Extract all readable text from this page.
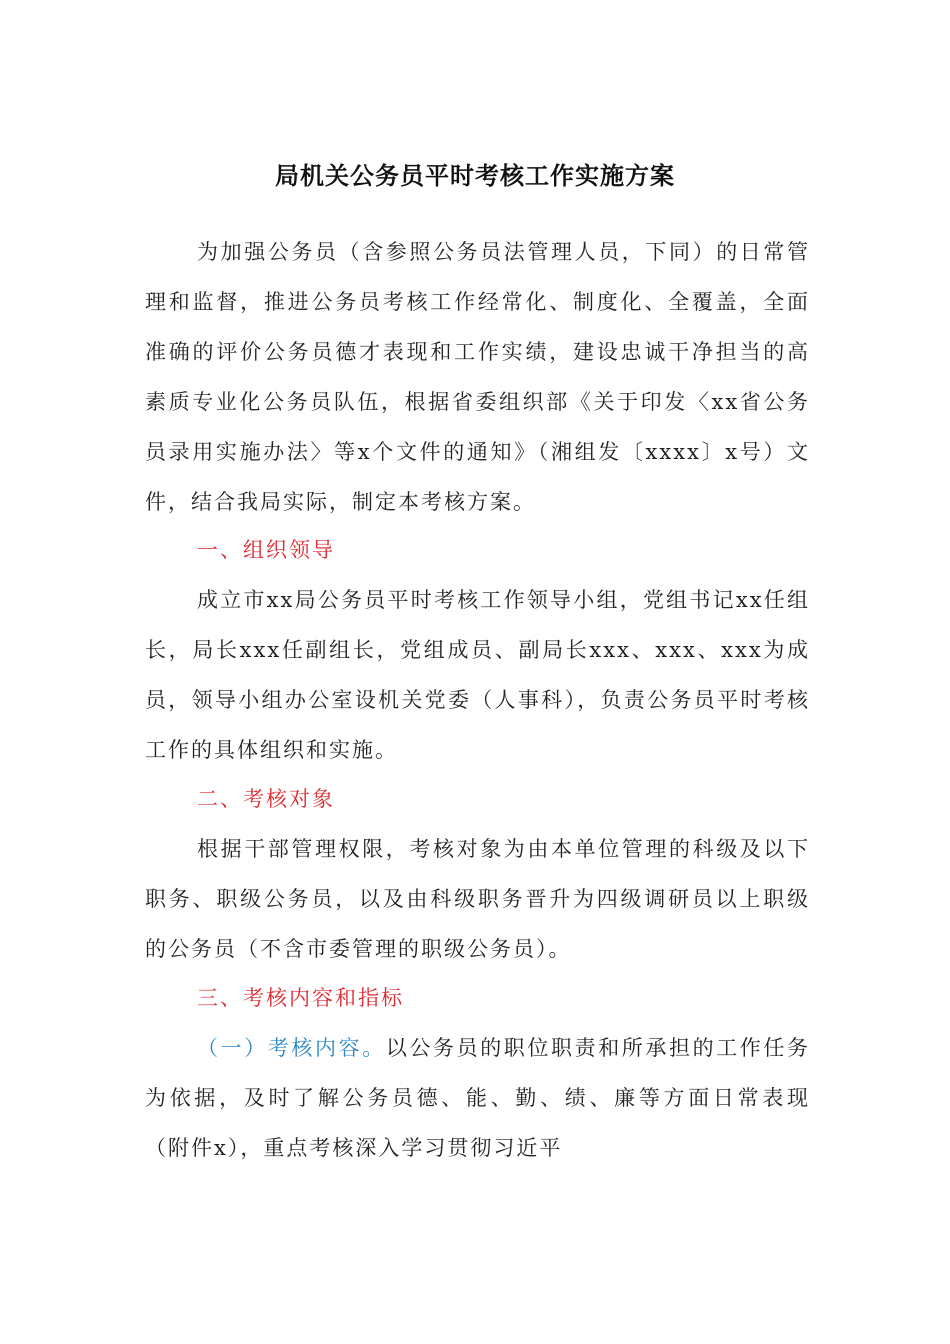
局机关公务员平时考核工作实施方案

为加强公务员（含参照公务员法管理人员，下同）的日常管理和监督，推进公务员考核工作经常化、制度化、全覆盖，全面准确的评价公务员德才表现和工作实绩，建设忠诚干净担当的高素质专业化公务员队伍，根据省委组织部《关于印发〈xx省公务员录用实施办法〉等x个文件的通知》（湘组发〔xxxx〕x号）文件，结合我局实际，制定本考核方案。

一、组织领导

成立市xx局公务员平时考核工作领导小组，党组书记xx任组长，局长xxx任副组长，党组成员、副局长xxx、xxx、xxx为成员，领导小组办公室设机关党委（人事科），负责公务员平时考核工作的具体组织和实施。

二、考核对象

根据干部管理权限，考核对象为由本单位管理的科级及以下职务、职级公务员，以及由科级职务晋升为四级调研员以上职级的公务员（不含市委管理的职级公务员）。

三、考核内容和指标

（一）考核内容。以公务员的职位职责和所承担的工作任务为依据，及时了解公务员德、能、勤、绩、廉等方面日常表现（附件x），重点考核深入学习贯彻习近平
